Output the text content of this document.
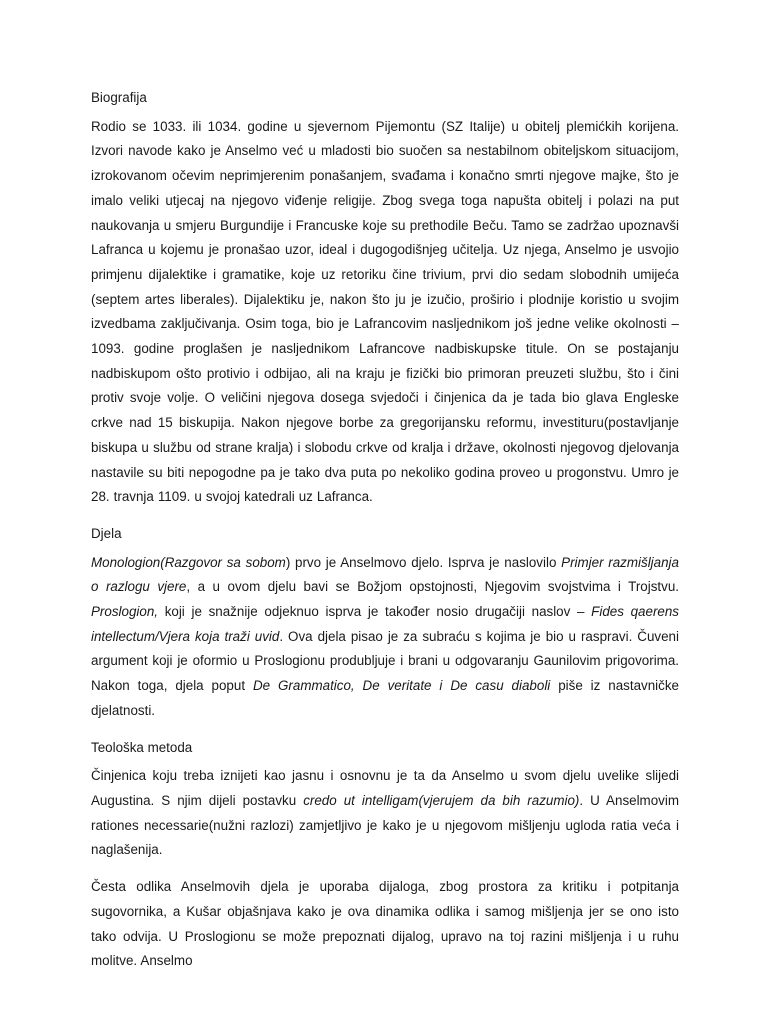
Biografija

Rodio se 1033. ili 1034. godine u sjevernom Pijemontu (SZ Italije) u obitelj plemićkih korijena. Izvori navode kako je Anselmo već u mladosti bio suočen sa nestabilnom obiteljskom situacijom, izrokovanom očevim neprimjerenim ponašanjem, svađama i konačno smrti njegove majke, što je imalo veliki utjecaj na njegovo viđenje religije. Zbog svega toga napušta obitelj i polazi na put naukovanja u smjeru Burgundije i Francuske koje su prethodile Beču. Tamo se zadržao upoznavši Lafranca u kojemu je pronašao uzor, ideal i dugogodišnjeg učitelja. Uz njega, Anselmo je usvojio primjenu dijalektike i gramatike, koje uz retoriku čine trivium, prvi dio sedam slobodnih umijeća (septem artes liberales). Dijalektiku je, nakon što ju je izučio, proširio i plodnije koristio u svojim izvedbama zaključivanja. Osim toga, bio je Lafrancovim nasljednikom još jedne velike okolnosti – 1093. godine proglašen je nasljednikom Lafrancove nadbiskupske titule. On se postajanju nadbiskupom ošto protivio i odbijao, ali na kraju je fizički bio primoran preuzeti službu, što i čini protiv svoje volje. O veličini njegova dosega svjedoči i činjenica da je tada bio glava Engleske crkve nad 15 biskupija. Nakon njegove borbe za gregorijansku reformu, investituru(postavljanje biskupa u službu od strane kralja) i slobodu crkve od kralja i države, okolnosti njegovog djelovanja nastavile su biti nepogodne pa je tako dva puta po nekoliko godina proveo u progonstvu. Umro je 28. travnja 1109. u svojoj katedrali uz Lafranca.

Djela

Monologion(Razgovor sa sobom) prvo je Anselmovo djelo. Isprva je naslovilo Primjer razmišljanja o razlogu vjere, a u ovom djelu bavi se Božjom opstojnosti, Njegovim svojstvima i Trojstvu. Proslogion, koji je snažnije odjeknuo isprva je također nosio drugačiji naslov – Fides qaerens intellectum/Vjera koja traži uvid. Ova djela pisao je za subraću s kojima je bio u raspravi. Čuveni argument koji je oformio u Proslogionu produbljuje i brani u odgovaranju Gaunilovim prigovorima. Nakon toga, djela poput De Grammatico, De veritate i De casu diaboli piše iz nastavničke djelatnosti.

Teološka metoda

Činjenica koju treba iznijeti kao jasnu i osnovnu je ta da Anselmo u svom djelu uvelike slijedi Augustina. S njim dijeli postavku credo ut intelligam(vjerujem da bih razumio). U Anselmovim rationes necessarie(nužni razlozi) zamjetljivo je kako je u njegovom mišljenju ugloda ratia veća i naglašenija.

Česta odlika Anselmovih djela je uporaba dijaloga, zbog prostora za kritiku i potpitanja sugovornika, a Kušar objašnjava kako je ova dinamika odlika i samog mišljenja jer se ono isto tako odvija. U Proslogionu se može prepoznati dijalog, upravo na toj razini mišljenja i u ruhu molitve. Anselmo
